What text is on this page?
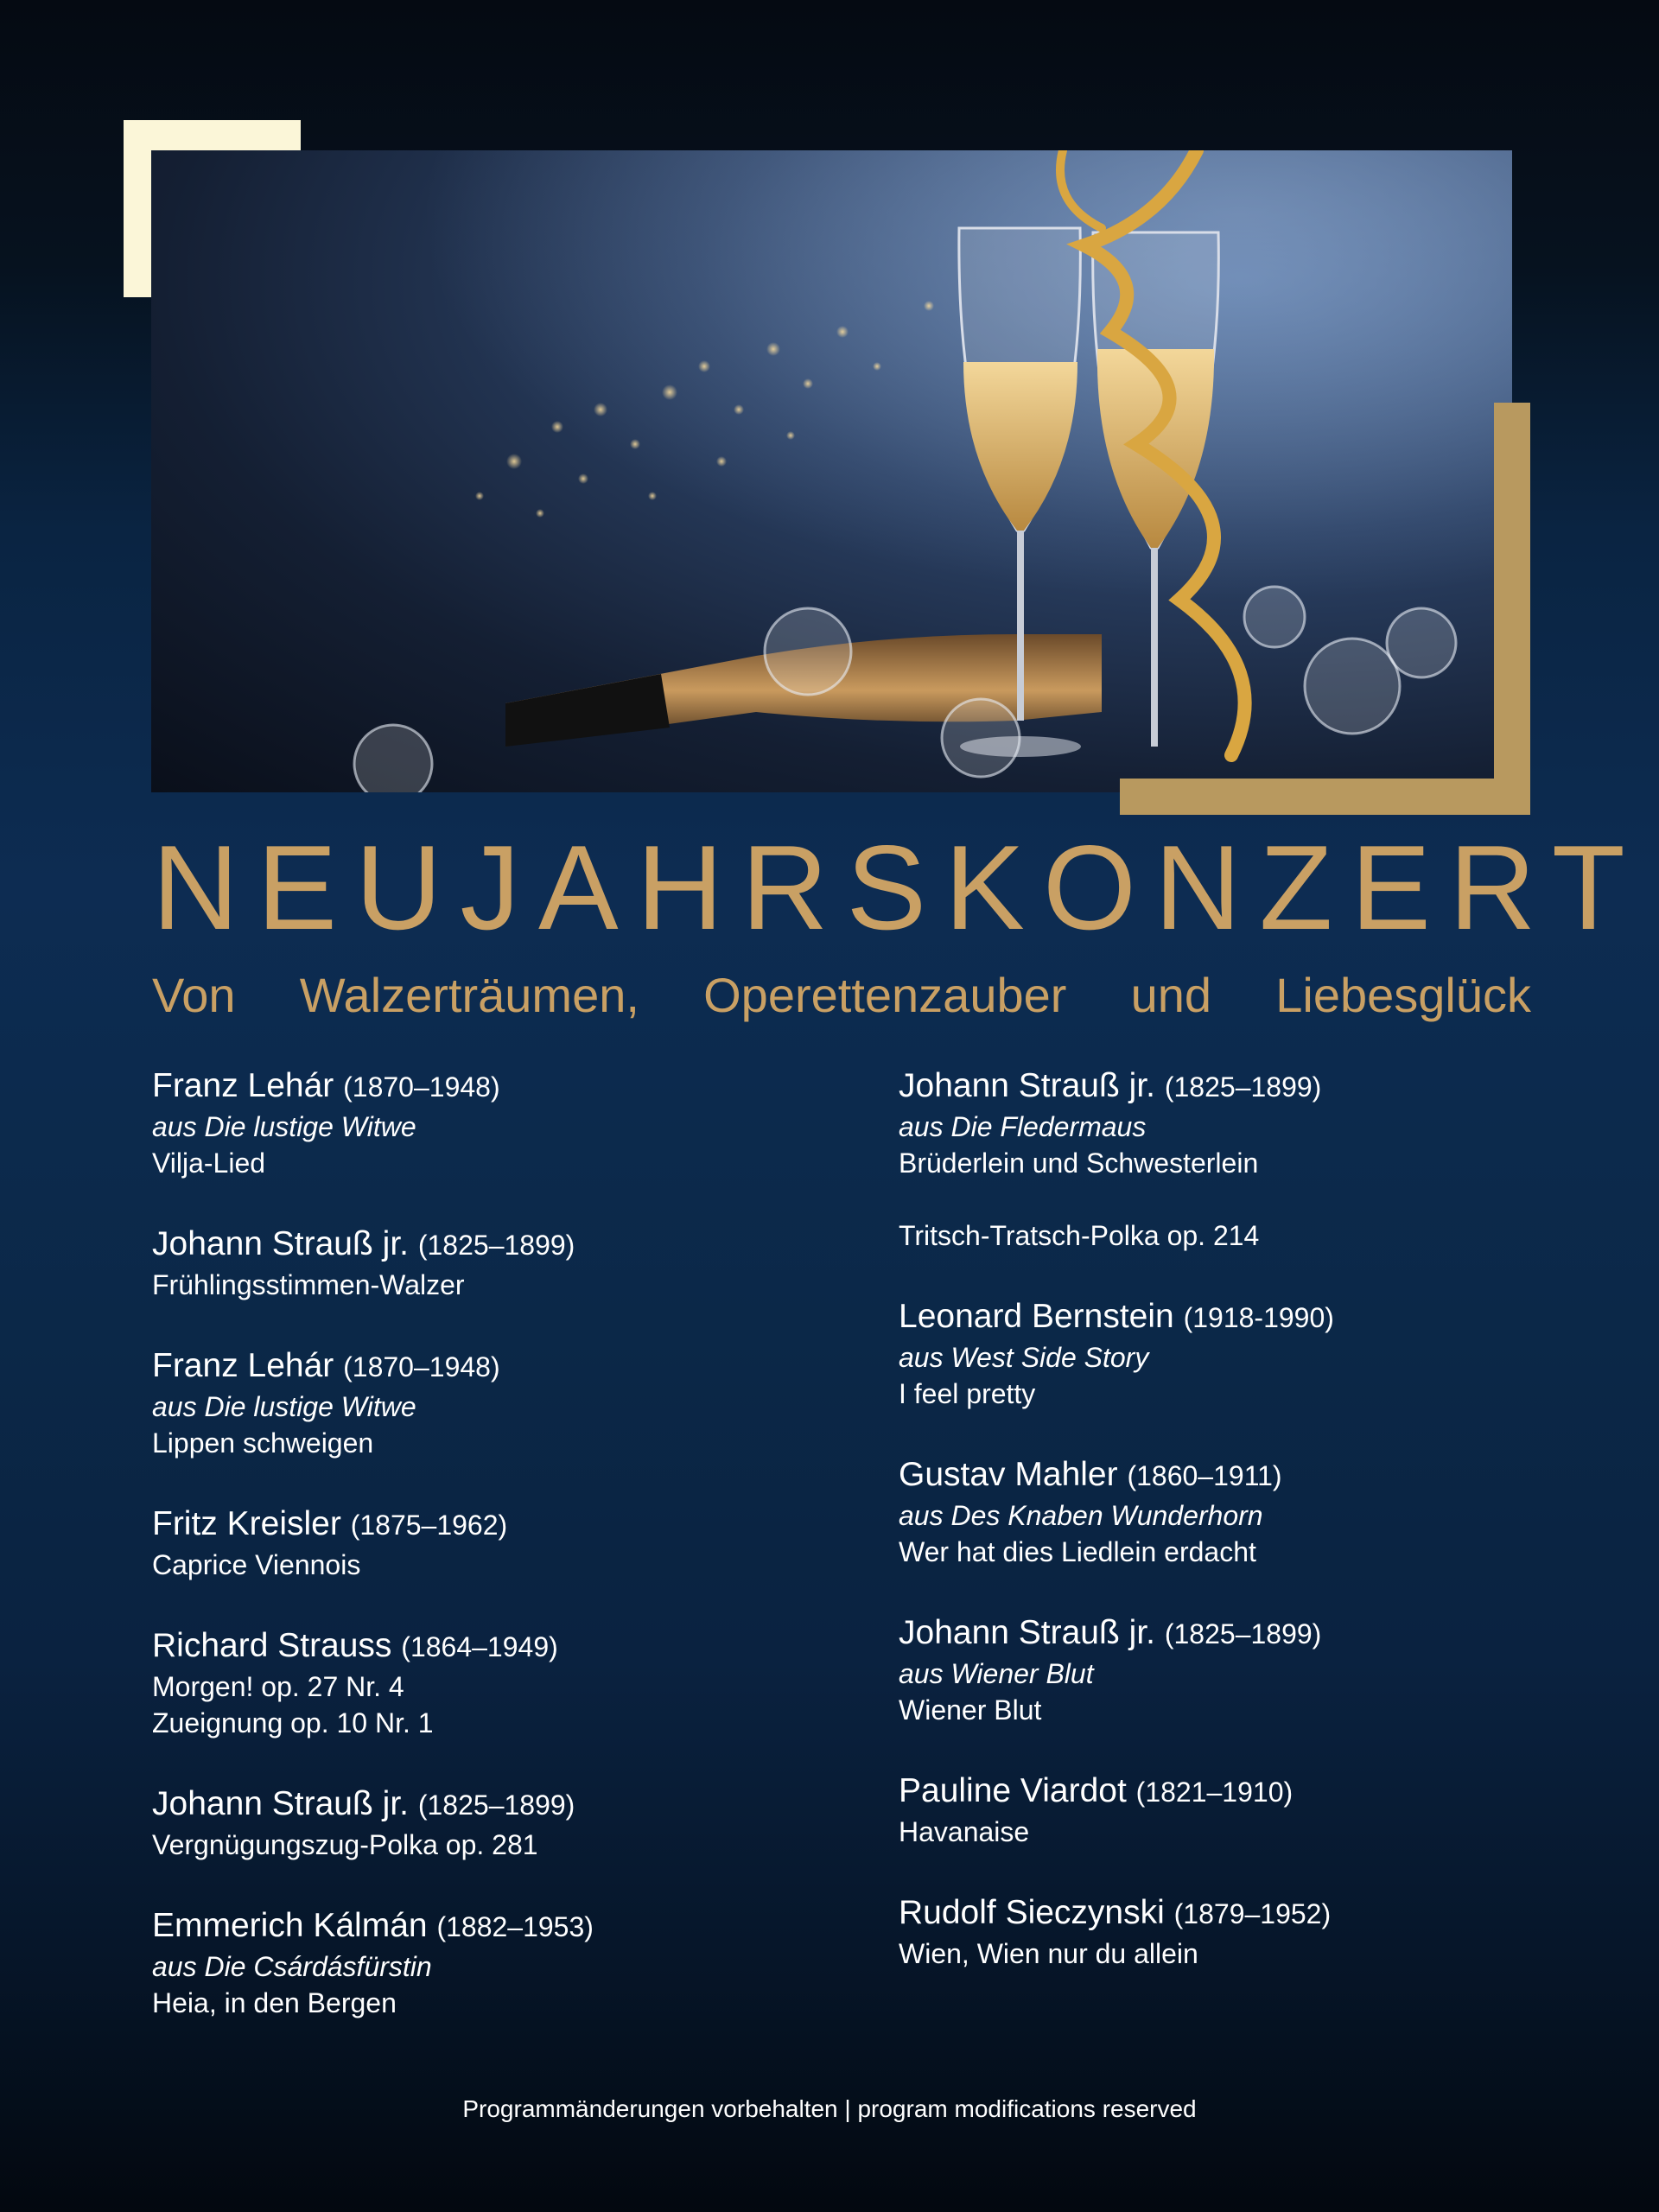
NEUJAHRSKONZERT
Von Walzerträumen, Operettenzauber und Liebesglück
Franz Lehár (1870–1948)
aus Die lustige Witwe
Vilja-Lied
Johann Strauß jr. (1825–1899)
Frühlingsstimmen-Walzer
Franz Lehár (1870–1948)
aus Die lustige Witwe
Lippen schweigen
Fritz Kreisler (1875–1962)
Caprice Viennois
Richard Strauss (1864–1949)
Morgen! op. 27 Nr. 4
Zueignung op. 10 Nr. 1
Johann Strauß jr. (1825–1899)
Vergnügungszug-Polka op. 281
Emmerich Kálmán (1882–1953)
aus Die Csárdásfürstin
Heia, in den Bergen
Johann Strauß jr. (1825–1899)
aus Die Fledermaus
Brüderlein und Schwesterlein
Tritsch-Tratsch-Polka op. 214
Leonard Bernstein (1918-1990)
aus West Side Story
I feel pretty
Gustav Mahler (1860–1911)
aus Des Knaben Wunderhorn
Wer hat dies Liedlein erdacht
Johann Strauß jr. (1825–1899)
aus Wiener Blut
Wiener Blut
Pauline Viardot (1821–1910)
Havanaise
Rudolf Sieczynski (1879–1952)
Wien, Wien nur du allein
Programmänderungen vorbehalten | program modifications reserved
